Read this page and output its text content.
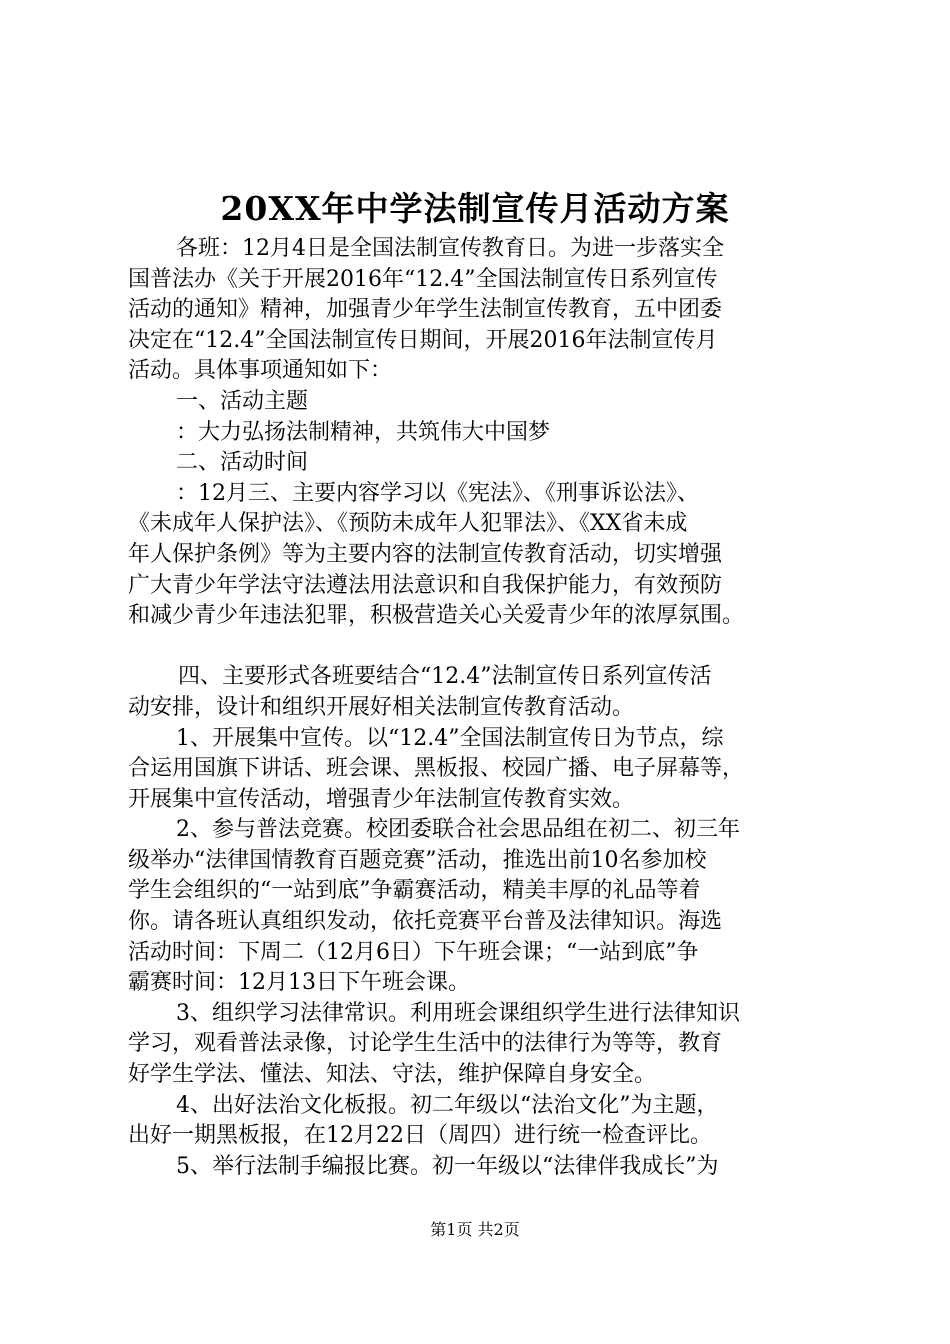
20XX年中学法制宣传月活动方案
各班：12月4日是全国法制宣传教育日。为进一步落实全
国普法办《关于开展2016年“12.4”全国法制宣传日系列宣传
活动的通知》精神，加强青少年学生法制宣传教育，五中团委
决定在“12.4”全国法制宣传日期间，开展2016年法制宣传月
活动。具体事项通知如下：
一、活动主题
：大力弘扬法制精神，共筑伟大中国梦
二、活动时间
：12月三、主要内容学习以《宪法》、《刑事诉讼法》、
《未成年人保护法》、《预防未成年人犯罪法》、《XX省未成
年人保护条例》等为主要内容的法制宣传教育活动，切实增强
广大青少年学法守法遵法用法意识和自我保护能力，有效预防
和减少青少年违法犯罪，积极营造关心关爱青少年的浓厚氛围。
四、主要形式各班要结合“12.4”法制宣传日系列宣传活
动安排，设计和组织开展好相关法制宣传教育活动。
1、开展集中宣传。以“12.4”全国法制宣传日为节点，综
合运用国旗下讲话、班会课、黑板报、校园广播、电子屏幕等，
开展集中宣传活动，增强青少年法制宣传教育实效。
2、参与普法竞赛。校团委联合社会思品组在初二、初三年
级举办“法律国情教育百题竞赛”活动，推选出前10名参加校
学生会组织的“一站到底”争霸赛活动，精美丰厚的礼品等着
你。请各班认真组织发动，依托竞赛平台普及法律知识。海选
活动时间：下周二（12月6日）下午班会课；“一站到底”争
霸赛时间：12月13日下午班会课。
3、组织学习法律常识。利用班会课组织学生进行法律知识
学习，观看普法录像，讨论学生生活中的法律行为等等，教育
好学生学法、懂法、知法、守法，维护保障自身安全。
4、出好法治文化板报。初二年级以“法治文化”为主题，
出好一期黑板报，在12月22日（周四）进行统一检查评比。
5、举行法制手编报比赛。初一年级以“法律伴我成长”为
第1页 共2页
